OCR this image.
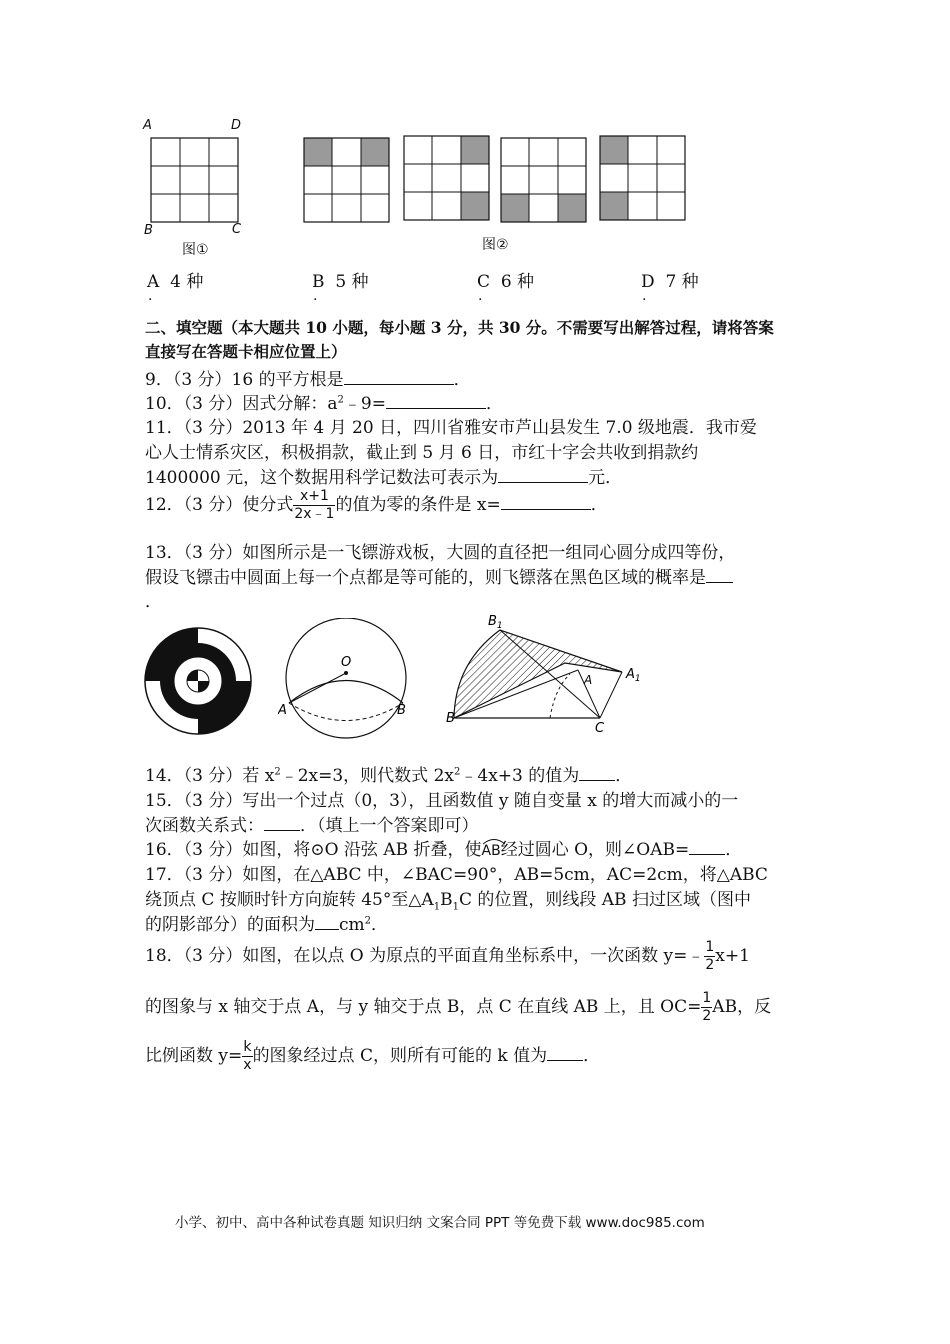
A	D
B	C
图①	图②
A 4 种	B 5 种	C 6 种	D 7 种
.	.	.	.
二、填空题（本大题共 10 小题，每小题 3 分，共 30 分。不需要写出解答过程，请将答案
直接写在答题卡相应位置上）
9．（3 分）16 的平方根是	．
10．（3 分）因式分解：$a^2﹣9=$	．
11．（3 分）2013 年 4 月 20 日，四川省雅安市芦山县发生 7.0 级地震．我市爱
心人士情系灾区，积极捐款，截止到 5 月 6 日，市红十字会共收到捐款约
1400000 元，这个数据用科学记数法可表示为	元．
12．（3 分）使分式 $\frac{x+1}{2x﹣1}$ 的值为零的条件是 x=	．
13．（3 分）如图所示是一飞镖游戏板，大圆的直径把一组同心圆分成四等份，
假设飞镖击中圆面上每一个点都是等可能的，则飞镖落在黑色区域的概率是
．
O
A	B
$B_1$
$A_1$
A
B
C
14．（3 分）若 $x^2﹣2x=3$，则代数式 $2x^2﹣4x+3$ 的值为 ．
15．（3 分）写出一个过点（0，3），且函数值 y 随自变量 x 的增大而减小的一
次函数关系式： ．（填上一个答案即可）
16．（3 分）如图，将⊙O 沿弦 AB 折叠，使
AB经过圆心 O，则∠OAB= ．
17．（3 分）如图，在△ABC 中，∠BAC=90°，AB=5cm，AC=2cm，将△ABC
绕顶点 C 按顺时针方向旋转 45°至$\triangle A_1B_1C$ 的位置，则线段 AB 扫过区域（图中
的阴影部分）的面积为 $cm^2$．
18．（3 分）如图，在以点 O 为原点的平面直角坐标系中，一次函数 y=﹣ $\frac{1}{2} x+1$
的图象与 x 轴交于点 A，与 y 轴交于点 B，点 C 在直线 AB 上，且 $OC= \frac{1}{2}$ AB，反
比例函数 $y= \frac{k}{x}$ 的图象经过点 C，则所有可能的 k 值为 ．
小学、初中、高中各种试卷真题 知识归纳 文案合同 PPT 等免费下载 www.doc985.com
